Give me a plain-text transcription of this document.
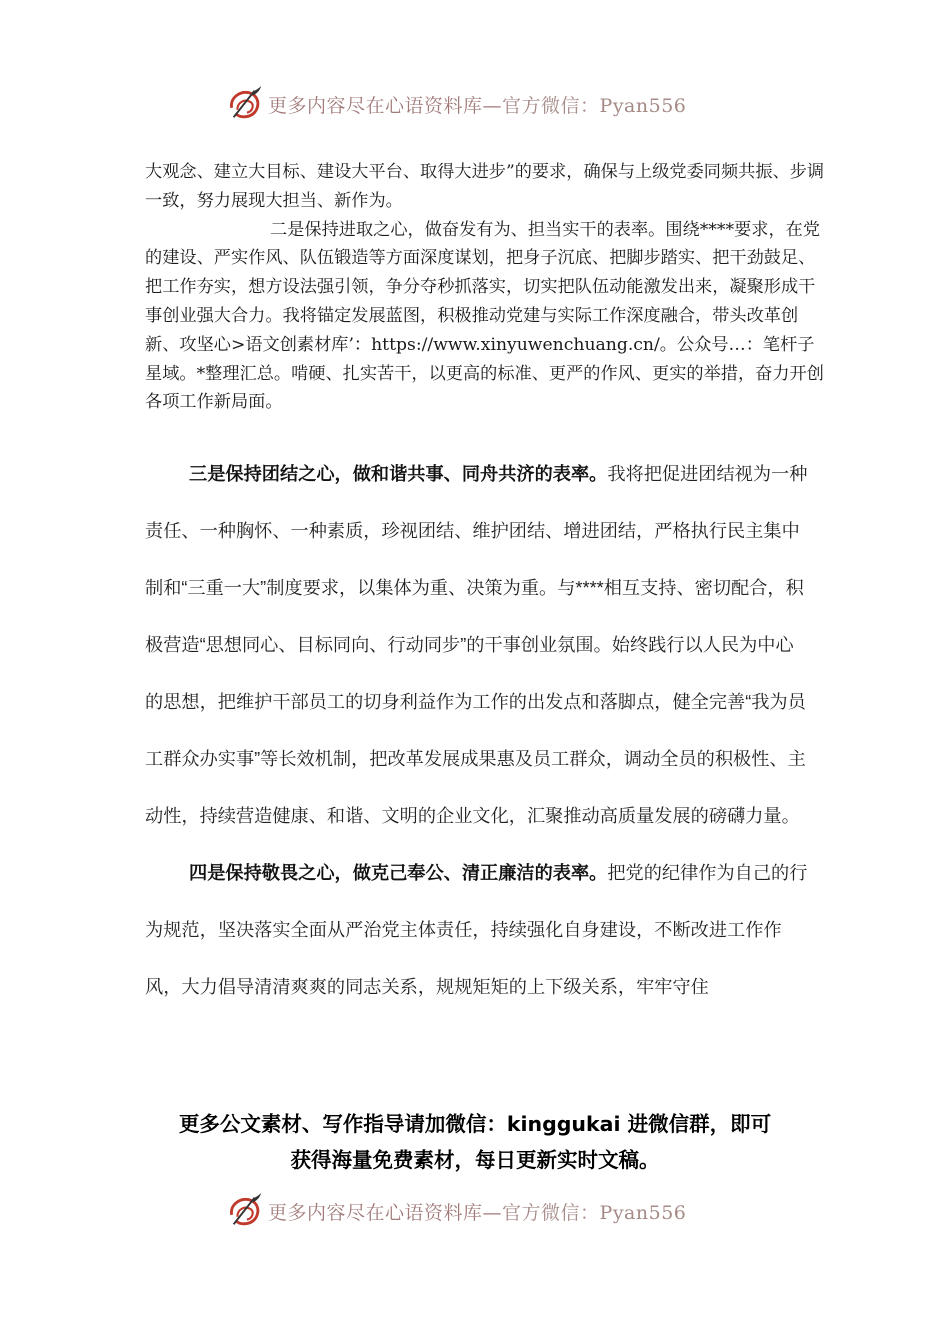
更多内容尽在心语资料库—官方微信：Pyan556

大观念、建立大目标、建设大平台、取得大进步”的要求，确保与上级党委同频共振、步调一致，努力展现大担当、新作为。

二是保持进取之心，做奋发有为、担当实干的表率。围绕****要求，在党的建设、严实作风、队伍锻造等方面深度谋划，把身子沉底、把脚步踏实、把干劲鼓足、把工作夯实，想方设法强引领，争分夺秒抓落实，切实把队伍动能激发出来，凝聚形成干事创业强大合力。我将锚定发展蓝图，积极推动党建与实际工作深度融合，带头改革创新、攻坚心>语文创素材库’：https://www.xinyuwenchuang.cn/。公众号…：笔杆子星域。*整理汇总。啃硬、扎实苦干，以更高的标准、更严的作风、更实的举措，奋力开创各项工作新局面。

三是保持团结之心，做和谐共事、同舟共济的表率。我将把促进团结视为一种责任、一种胸怀、一种素质，珍视团结、维护团结、增进团结，严格执行民主集中制和“三重一大”制度要求，以集体为重、决策为重。与****相互支持、密切配合，积极营造“思想同心、目标同向、行动同步”的干事创业氛围。始终践行以人民为中心的思想，把维护干部员工的切身利益作为工作的出发点和落脚点，健全完善“我为员工群众办实事”等长效机制，把改革发展成果惠及员工群众，调动全员的积极性、主动性，持续营造健康、和谐、文明的企业文化，汇聚推动高质量发展的磅礴力量。

四是保持敬畏之心，做克己奉公、清正廉洁的表率。把党的纪律作为自己的行为规范，坚决落实全面从严治党主体责任，持续强化自身建设，不断改进工作作风，大力倡导清清爽爽的同志关系，规规矩矩的上下级关系，牢牢守住

更多公文素材、写作指导请加微信：kinggukai 进微信群，即可
获得海量免费素材，每日更新实时文稿。
更多内容尽在心语资料库—官方微信：Pyan556
